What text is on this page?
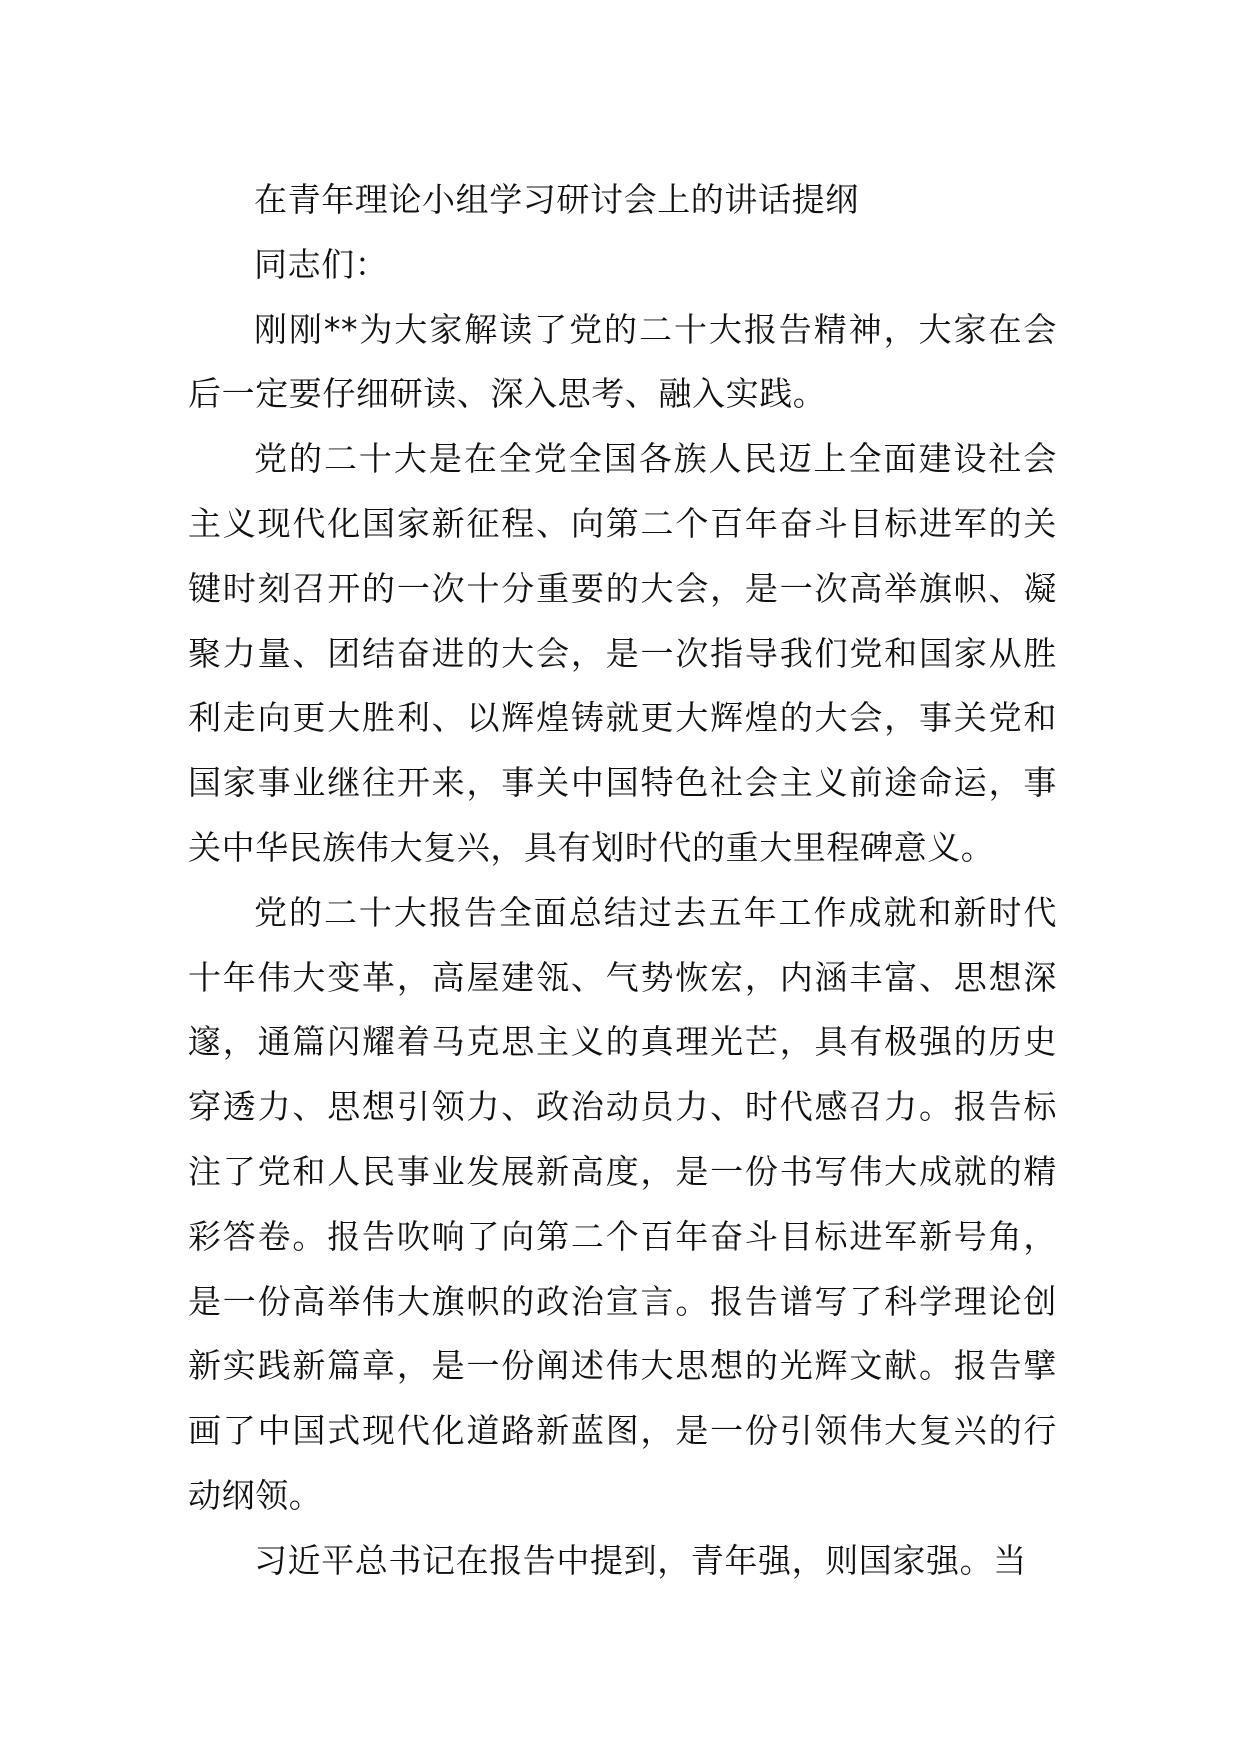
在青年理论小组学习研讨会上的讲话提纲

同志们：

刚刚**为大家解读了党的二十大报告精神，大家在会后一定要仔细研读、深入思考、融入实践。

党的二十大是在全党全国各族人民迈上全面建设社会主义现代化国家新征程、向第二个百年奋斗目标进军的关键时刻召开的一次十分重要的大会，是一次高举旗帜、凝聚力量、团结奋进的大会，是一次指导我们党和国家从胜利走向更大胜利、以辉煌铸就更大辉煌的大会，事关党和国家事业继往开来，事关中国特色社会主义前途命运，事关中华民族伟大复兴，具有划时代的重大里程碑意义。

党的二十大报告全面总结过去五年工作成就和新时代十年伟大变革，高屋建瓴、气势恢宏，内涵丰富、思想深邃，通篇闪耀着马克思主义的真理光芒，具有极强的历史穿透力、思想引领力、政治动员力、时代感召力。报告标注了党和人民事业发展新高度，是一份书写伟大成就的精彩答卷。报告吹响了向第二个百年奋斗目标进军新号角，是一份高举伟大旗帜的政治宣言。报告谱写了科学理论创新实践新篇章，是一份阐述伟大思想的光辉文献。报告擘画了中国式现代化道路新蓝图，是一份引领伟大复兴的行动纲领。

习近平总书记在报告中提到，青年强，则国家强。当
